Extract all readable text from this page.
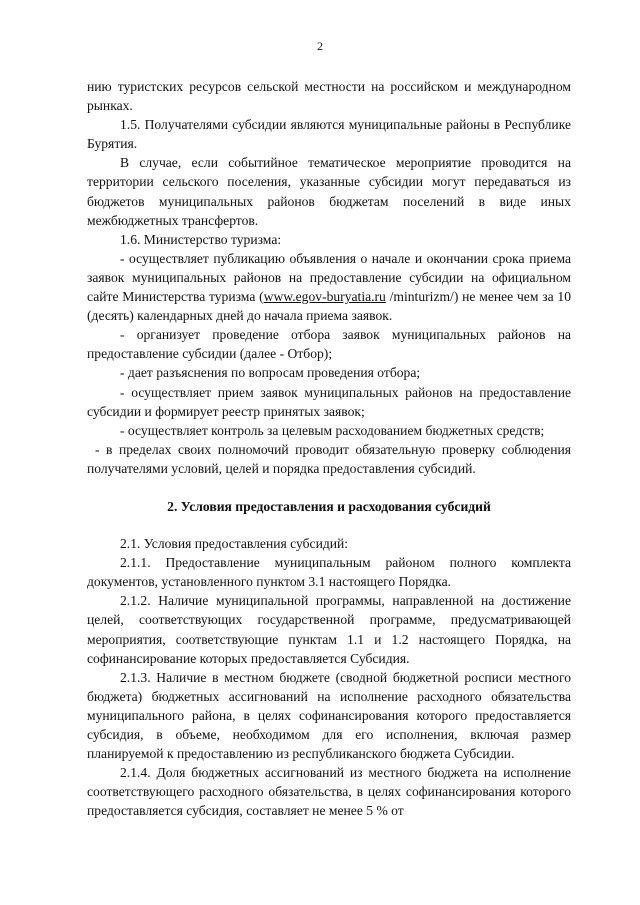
2

нию туристских ресурсов сельской местности на российском и международном рынках.

1.5. Получателями субсидии являются муниципальные районы в Республике Бурятия.

В случае, если событийное тематическое мероприятие проводится на территории сельского поселения, указанные субсидии могут передаваться из бюджетов муниципальных районов бюджетам поселений в виде иных межбюджетных трансфертов.

1.6. Министерство туризма:

- осуществляет публикацию объявления о начале и окончании срока приема заявок муниципальных районов на предоставление субсидии на официальном сайте Министерства туризма (www.egov-buryatia.ru /minturizm/) не менее чем за 10 (десять) календарных дней до начала приема заявок.

- организует проведение отбора заявок муниципальных районов на предоставление субсидии (далее - Отбор);

- дает разъяснения по вопросам проведения отбора;

- осуществляет прием заявок муниципальных районов на предоставление субсидии и формирует реестр принятых заявок;

- осуществляет контроль за целевым расходованием бюджетных средств;

- в пределах своих полномочий проводит обязательную проверку соблюдения получателями условий, целей и порядка предоставления субсидий.

2. Условия предоставления и расходования субсидий

2.1. Условия предоставления субсидий:

2.1.1. Предоставление муниципальным районом полного комплекта документов, установленного пунктом 3.1 настоящего Порядка.

2.1.2. Наличие муниципальной программы, направленной на достижение целей, соответствующих государственной программе, предусматривающей мероприятия, соответствующие пунктам 1.1 и 1.2 настоящего Порядка, на софинансирование которых предоставляется Субсидия.

2.1.3. Наличие в местном бюджете (сводной бюджетной росписи местного бюджета) бюджетных ассигнований на исполнение расходного обязательства муниципального района, в целях софинансирования которого предоставляется субсидия, в объеме, необходимом для его исполнения, включая размер планируемой к предоставлению из республиканского бюджета Субсидии.

2.1.4. Доля бюджетных ассигнований из местного бюджета на исполнение соответствующего расходного обязательства, в целях софинансирования которого предоставляется субсидия, составляет не менее 5 % от
